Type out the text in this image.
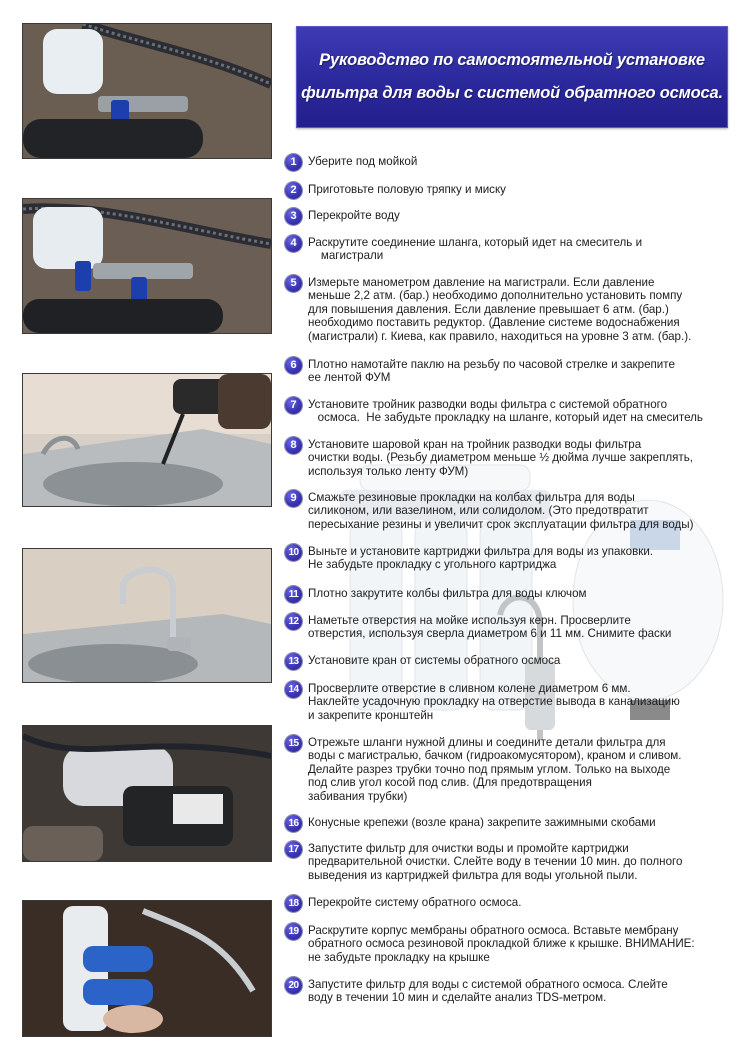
Руководство по самостоятельной установке
фильтра для воды с системой обратного осмоса.
1 Уберите под мойкой
2 Приготовьте половую тряпку и миску
3 Перекройте воду
4 Раскрутите соединение шланга, который идет на смеситель и
магистрали
5 Измерьте манометром давление на магистрали. Если давление
меньше 2,2 атм. (бар.) необходимо дополнительно установить помпу
для повышения давления. Если давление превышает 6 атм. (бар.)
необходимо поставить редуктор. (Давление системе водоснабжения
(магистрали) г. Киева, как правило, находиться на уровне 3 атм. (бар.).
6 Плотно намотайте паклю на резьбу по часовой стрелке и закрепите
ее лентой ФУМ
7 Установите тройник разводки воды фильтра с системой обратного
осмоса.  Не забудьте прокладку на шланге, который идет на смеситель
8 Установите шаровой кран на тройник разводки воды фильтра
очистки воды. (Резьбу диаметром меньше ½ дюйма лучше закреплять,
используя только ленту ФУМ)
9 Смажьте резиновые прокладки на колбах фильтра для воды
силиконом, или вазелином, или солидолом. (Это предотвратит
пересыхание резины и увеличит срок эксплуатации фильтра для воды)
10 Выньте и установите картриджи фильтра для воды из упаковки.
Не забудьте прокладку с угольного картриджа
11 Плотно закрутите колбы фильтра для воды ключом
12 Наметьте отверстия на мойке используя керн. Просверлите
отверстия, используя сверла диаметром 6 и 11 мм. Снимите фаски
13 Установите кран от системы обратного осмоса
14 Просверлите отверстие в сливном колене диаметром 6 мм.
Наклейте усадочную прокладку на отверстие вывода в канализацию
и закрепите кронштейн
15 Отрежьте шланги нужной длины и соедините детали фильтра для
воды с магистралью, бачком (гидроакомусятором), краном и сливом.
Делайте разрез трубки точно под прямым углом. Только на выходе
под слив угол косой под слив. (Для предотвращения
забивания трубки)
16 Конусные крепежи (возле крана) закрепите зажимными скобами
17 Запустите фильтр для очистки воды и промойте картриджи
предварительной очистки. Слейте воду в течении 10 мин. до полного
выведения из картриджей фильтра для воды угольной пыли.
18 Перекройте систему обратного осмоса.
19 Раскрутите корпус мембраны обратного осмоса. Вставьте мембрану
обратного осмоса резиновой прокладкой ближе к крышке. ВНИМАНИЕ:
не забудьте прокладку на крышке
20 Запустите фильтр для воды с системой обратного осмоса. Слейте
воду в течении 10 мин и сделайте анализ TDS-метром.
